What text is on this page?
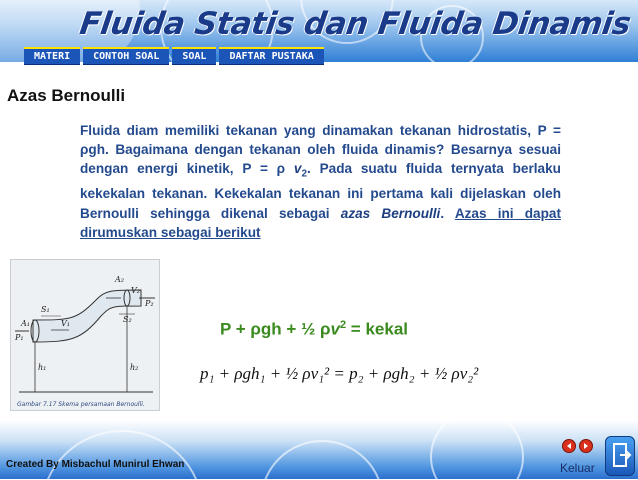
Fluida Statis dan Fluida Dinamis
MATERI	CONTOH SOAL	SOAL	DAFTAR PUSTAKA
Azas Bernoulli
Fluida diam memiliki tekanan yang dinamakan tekanan hidrostatis, P = ρgh. Bagaimana dengan tekanan oleh fluida dinamis? Besarnya sesuai dengan energi kinetik, P = ρ $v_2$. Pada suatu fluida ternyata berlaku kekekalan tekanan. Kekekalan tekanan ini pertama kali dijelaskan oleh Bernoulli sehingga dikenal sebagai azas Bernoulli. Azas ini dapat dirumuskan sebagai berikut
A₂
V₂
S₂
A₁
P₁
V₁
S₁
P₂
h₁	h₂
Gambar 7.17 Skema persamaan Bernoulli.
P + ρgh + ½ $\rho v^2$ = kekal
p₁ + ρgh₁ + ½ ρv₁² = p₂ + ρgh₂ + ½ ρv₂²
Created By Misbachul Munirul Ehwan	Keluar
